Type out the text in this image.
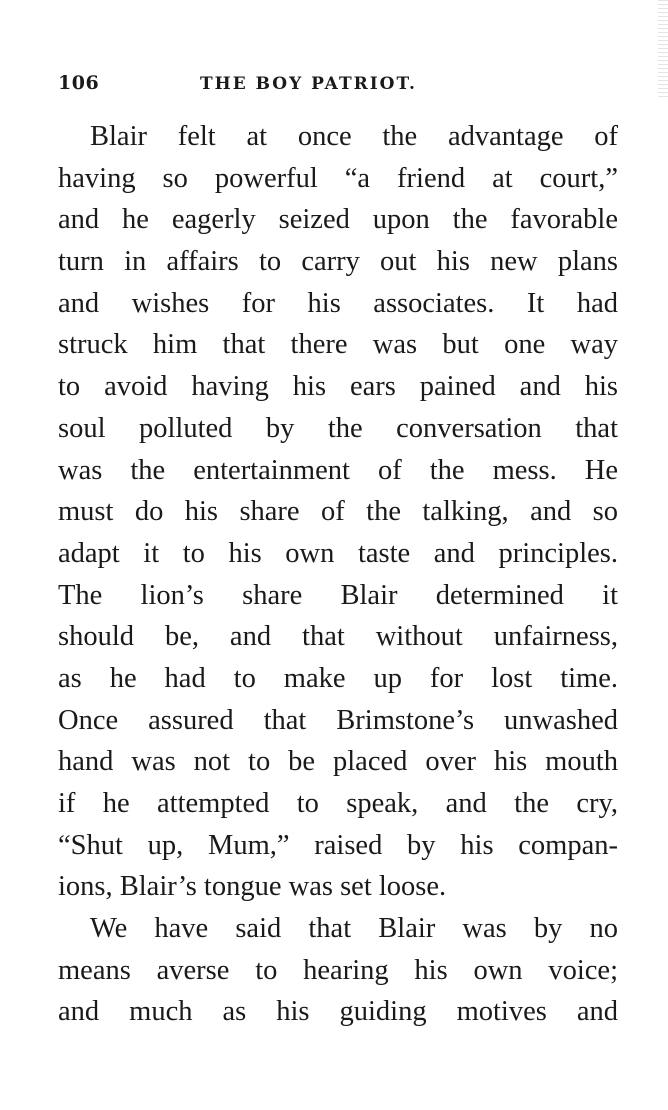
106	THE BOY PATRIOT.
Blair felt at once the advantage of
having so powerful “a friend at court,”
and he eagerly seized upon the favorable
turn in affairs to carry out his new plans
and wishes for his associates. It had
struck him that there was but one way
to avoid having his ears pained and his
soul polluted by the conversation that
was the entertainment of the mess. He
must do his share of the talking, and so
adapt it to his own taste and principles.
The lion’s share Blair determined it
should be, and that without unfairness,
as he had to make up for lost time.
Once assured that Brimstone’s unwashed
hand was not to be placed over his mouth
if he attempted to speak, and the cry,
“Shut up, Mum,” raised by his compan-
ions, Blair’s tongue was set loose.
We have said that Blair was by no
means averse to hearing his own voice;
and much as his guiding motives and
